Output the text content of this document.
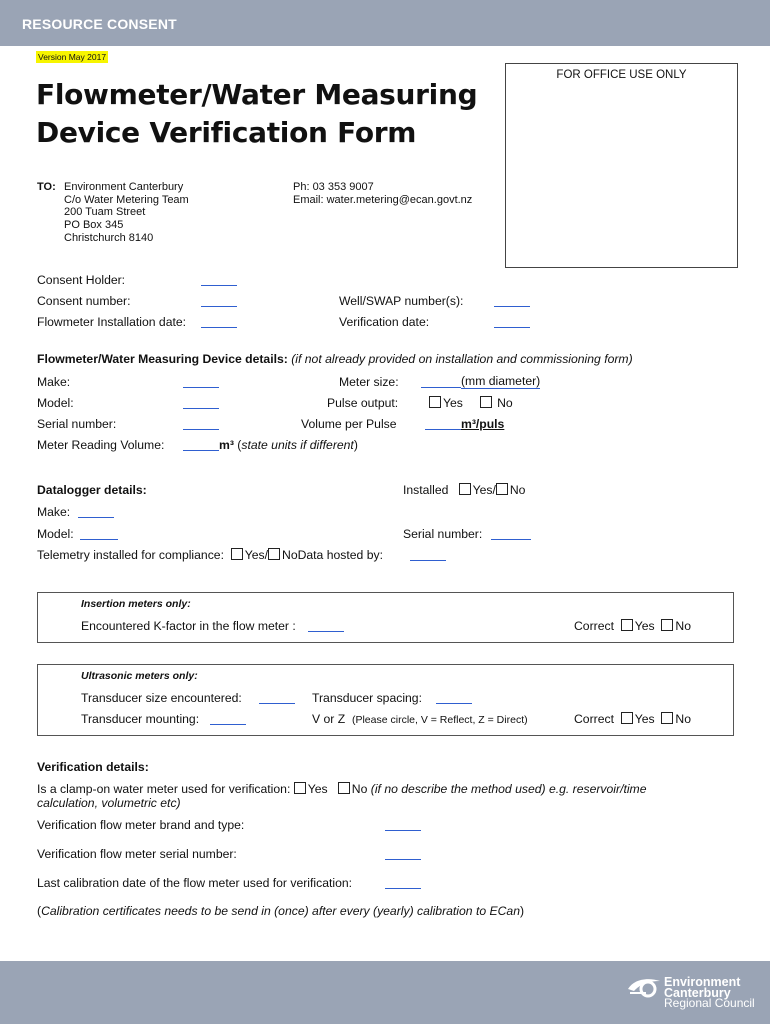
RESOURCE CONSENT
Version May 2017
FOR OFFICE USE ONLY
Flowmeter/Water Measuring
Device Verification Form
TO: Environment Canterbury
C/o Water Metering Team
200 Tuam Street
PO Box 345
Christchurch 8140
Ph: 03 353 9007
Email: water.metering@ecan.govt.nz
Consent Holder:
Consent number:	Well/SWAP number(s):
Flowmeter Installation date:	Verification date:
Flowmeter/Water Measuring Device details: (if not already provided on installation and commissioning form)
Make:	Meter size:	(mm diameter)
Model:	Pulse output:	Yes	No
Serial number:	Volume per Pulse	m³/puls
Meter Reading Volume:	m³ (state units if different)
Datalogger details:	Installed Yes/ No
Make:
Model:	Serial number:
Telemetry installed for compliance: Yes/ NoData hosted by:
Insertion meters only:
Encountered K-factor in the flow meter :	Correct Yes No
Ultrasonic meters only:
Transducer size encountered:	Transducer spacing:
Transducer mounting:	V or Z (Please circle, V = Reflect, Z = Direct)	Correct Yes No
Verification details:
Is a clamp-on water meter used for verification: Yes No (if no describe the method used) e.g. reservoir/time
calculation, volumetric etc)
Verification flow meter brand and type:
Verification flow meter serial number:
Last calibration date of the flow meter used for verification:
(Calibration certificates needs to be send in (once) after every (yearly) calibration to ECan)
Environment
Canterbury
Regional Council
